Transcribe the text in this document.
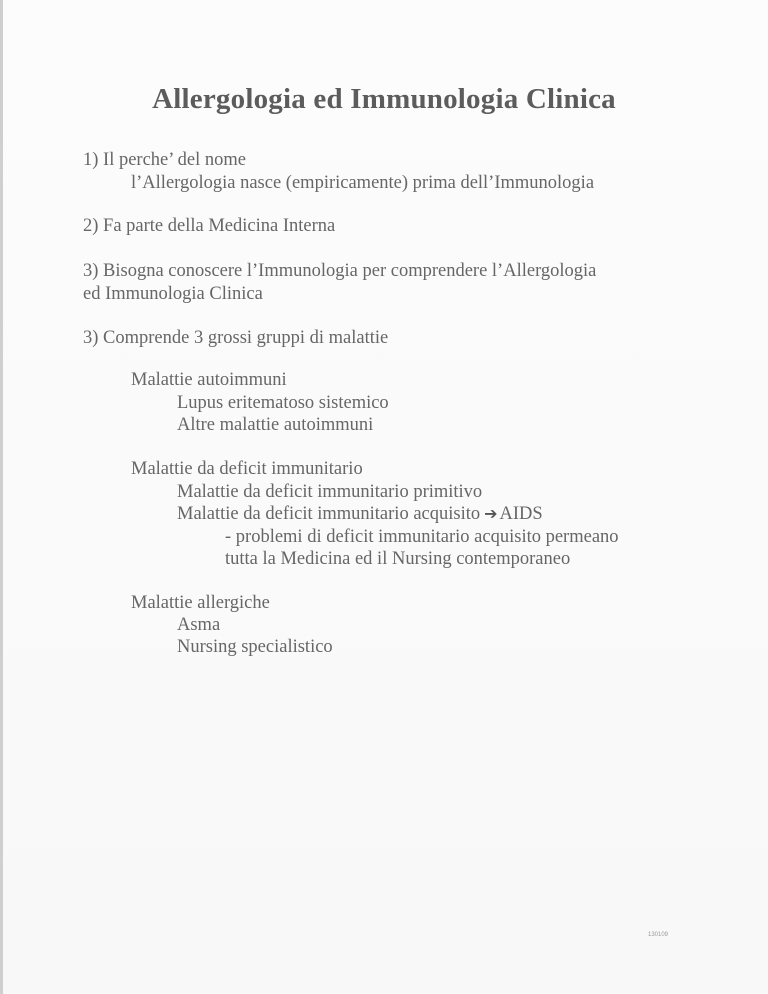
Allergologia ed Immunologia Clinica
1) Il perche’ del nome
l’Allergologia nasce (empiricamente) prima dell’Immunologia
2) Fa parte della Medicina Interna
3) Bisogna conoscere l’Immunologia per comprendere l’Allergologia
ed Immunologia Clinica
3) Comprende 3 grossi gruppi di malattie
Malattie autoimmuni
Lupus eritematoso sistemico
Altre malattie autoimmuni
Malattie da deficit immunitario
Malattie da deficit immunitario primitivo
Malattie da deficit immunitario acquisito ➔ AIDS
- problemi di deficit immunitario acquisito permeano
tutta la Medicina ed il Nursing contemporaneo
Malattie allergiche
Asma
Nursing specialistico
130109
